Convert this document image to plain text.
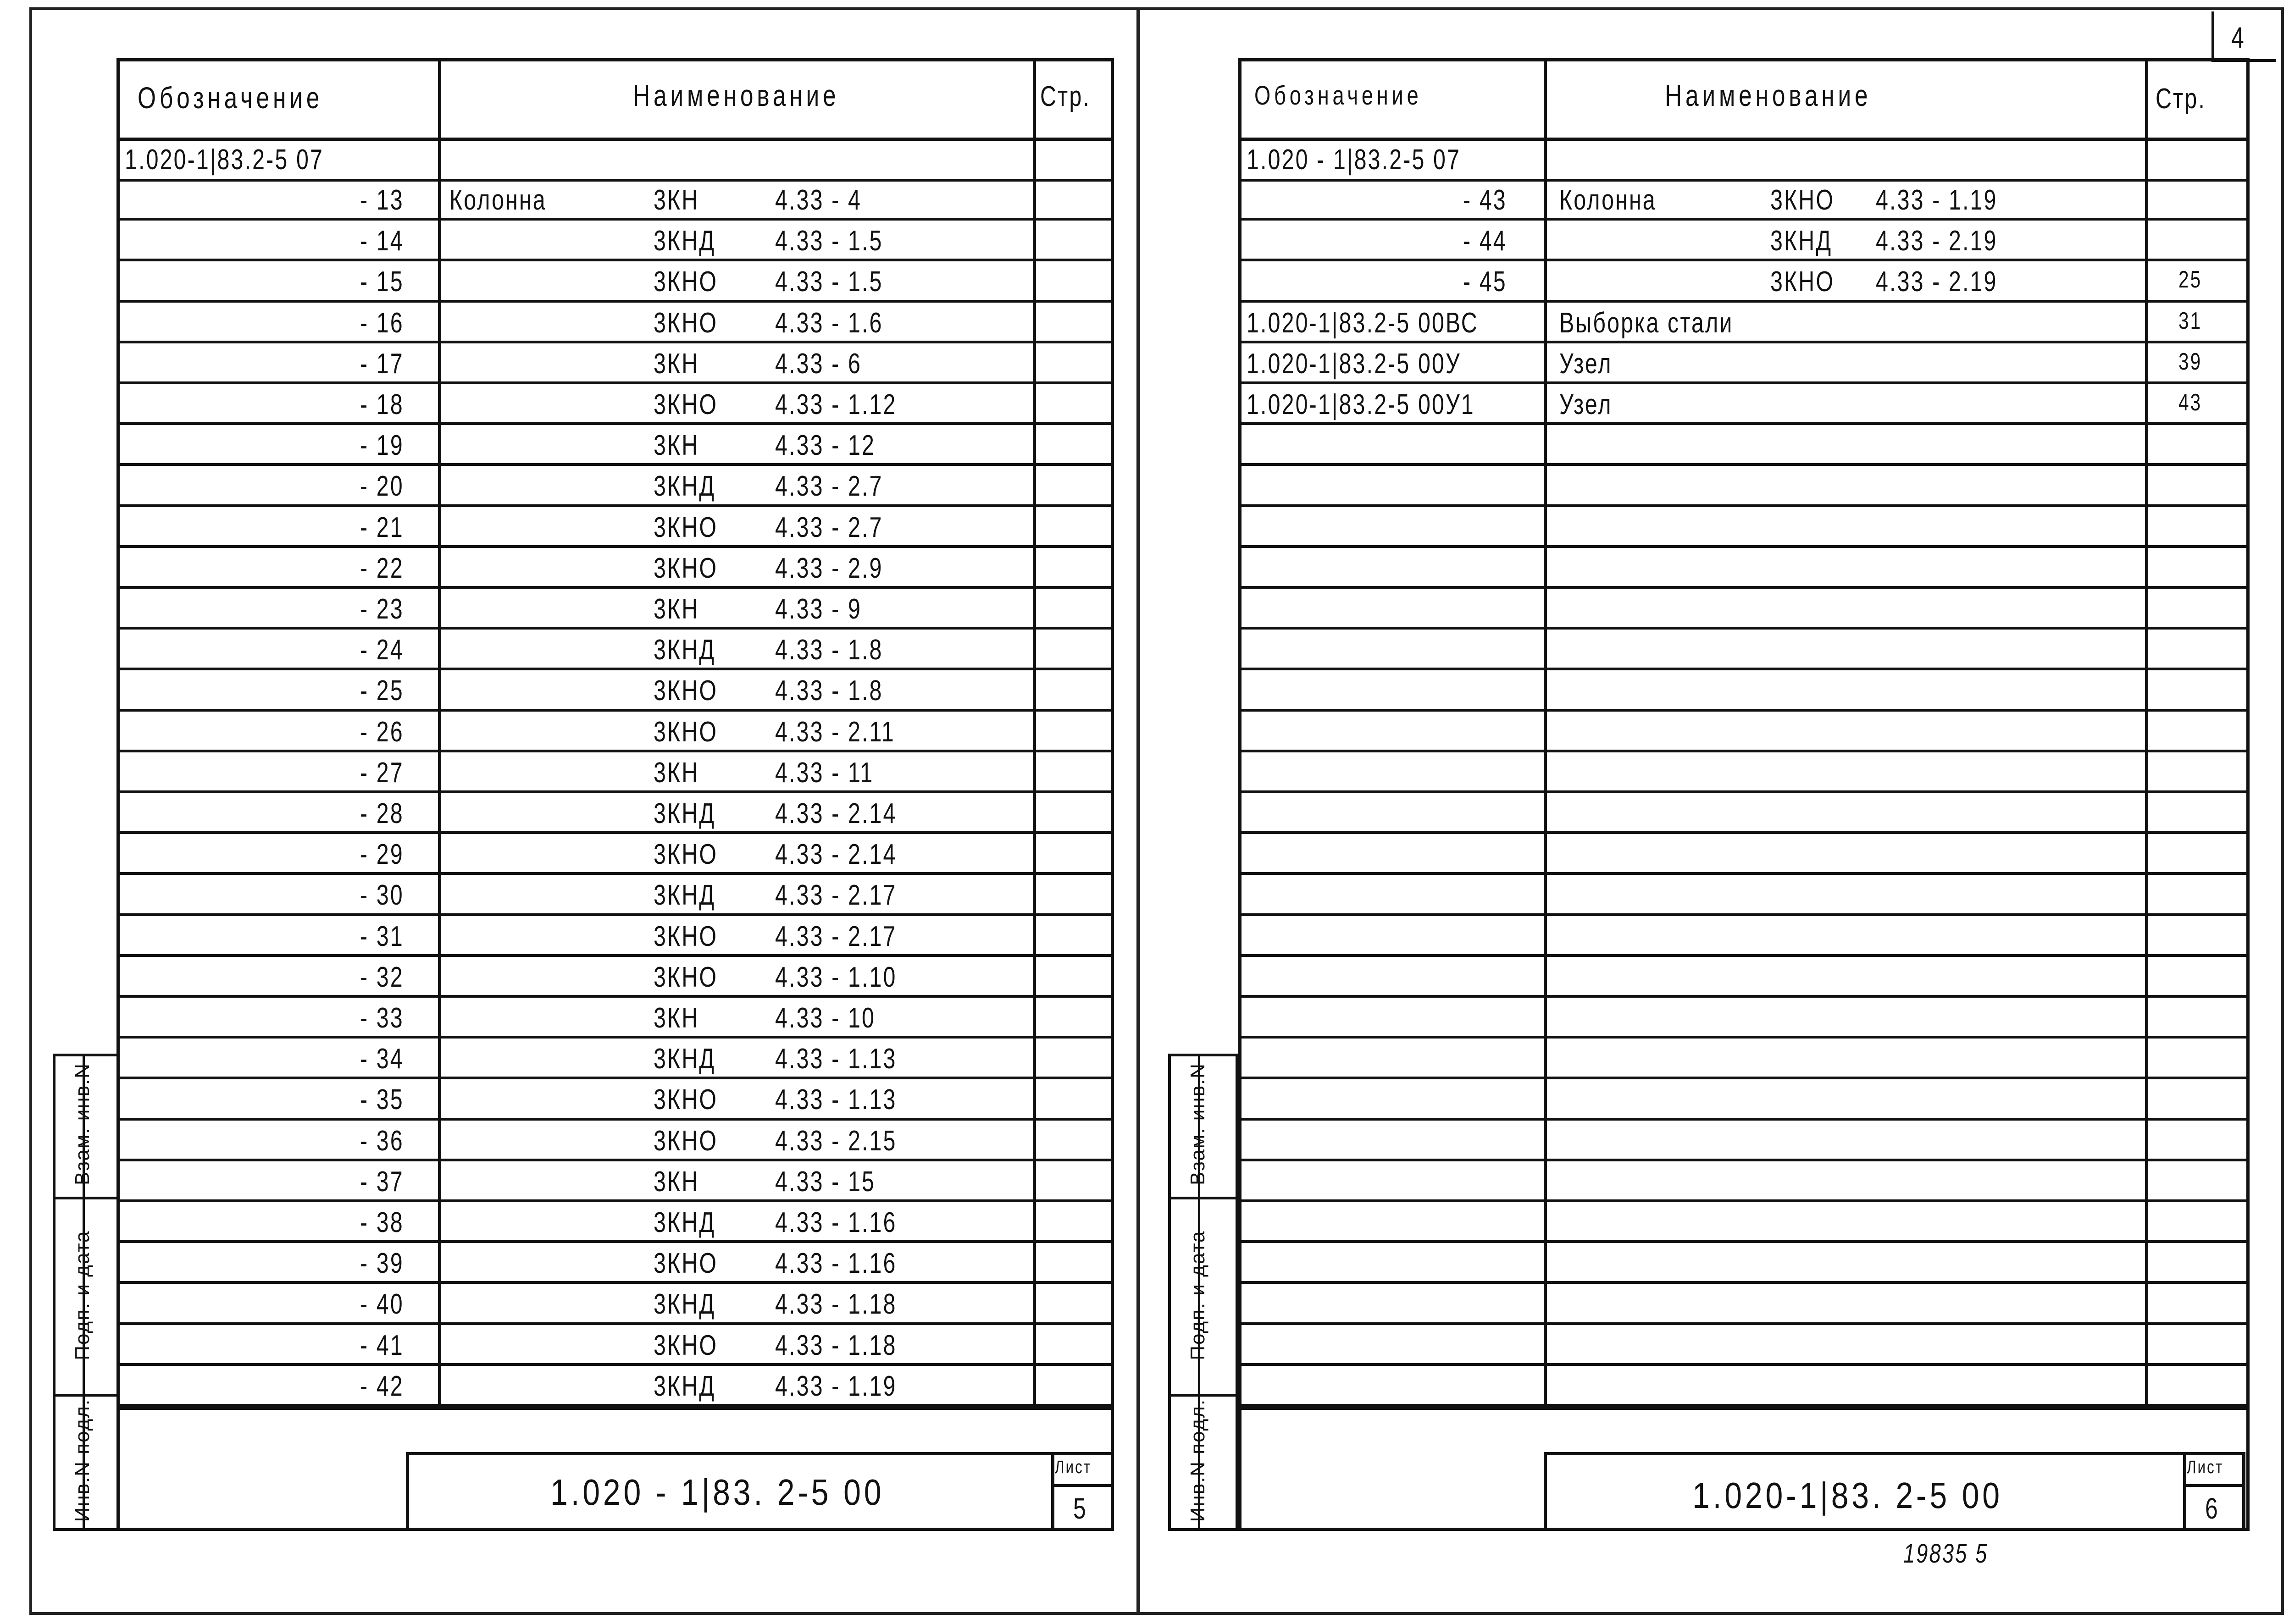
Обозначение	Наименование	Стр.
1.020-1|83.2-5 07
- 13 Колонна	3КН	4.33 - 4
- 14	3КНД 4.33 - 1.5
- 15	3КНО 4.33 - 1.5
- 16	3КНО 4.33 - 1.6
- 17	3КН	4.33 - 6
- 18	3КНО 4.33 - 1.12
- 19	3КН	4.33 - 12
- 20	3КНД 4.33 - 2.7
- 21	3КНО 4.33 - 2.7
- 22	3КНО 4.33 - 2.9
- 23	3КН	4.33 - 9
- 24	3КНД 4.33 - 1.8
- 25	3КНО 4.33 - 1.8
- 26	3КНО 4.33 - 2.11
- 27	3КН	4.33 - 11
- 28	3КНД 4.33 - 2.14
- 29	3КНО 4.33 - 2.14
- 30	3КНД 4.33 - 2.17
- 31	3КНО 4.33 - 2.17
- 32	3КНО 4.33 - 1.10
- 33	3КН	4.33 - 10
- 34	3КНД 4.33 - 1.13
- 35	3КНО 4.33 - 1.13
- 36	3КНО 4.33 - 2.15
- 37	3КН	4.33 - 15
- 38	3КНД 4.33 - 1.16
- 39	3КНО 4.33 - 1.16
- 40	3КНД 4.33 - 1.18
- 41	3КНО 4.33 - 1.18
- 42	3КНД 4.33 - 1.19
1.020 - 1|83. 2-5 00
Лист
5
Взам. инв.N
Подп. и дата
Инв.N подл.
4
Обозначение	Наименование	Стр.
1.020 - 1|83.2-5 07
- 43 Колонна	3КНО 4.33 - 1.19
- 44	3КНД 4.33 - 2.19
- 45	3КНО 4.33 - 2.19	25
1.020-1|83.2-5 00ВС	Выборка стали	31
1.020-1|83.2-5 00У	Узел	39
1.020-1|83.2-5 00У1	Узел	43
1.020-1|83. 2-5 00
Лист
6
19835 5
Взам. инв.N
Подп. и дата
Инв.N подл.
